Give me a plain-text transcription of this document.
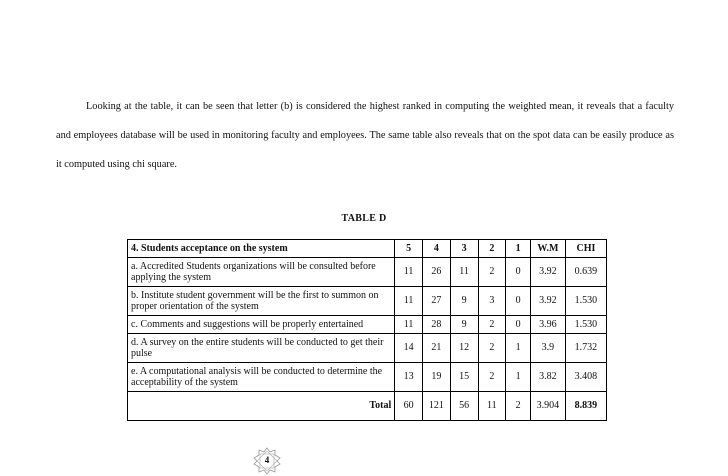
Looking at the table, it can be seen that letter (b) is considered the highest ranked in computing the weighted mean, it reveals that a faculty and employees database will be used in monitoring faculty and employees. The same table also reveals that on the spot data can be easily produce as it computed using chi square.

TABLE D
4. Students acceptance on the system	5	4	3	2	1	W.M	CHI
a. Accredited Students organizations will be consulted before applying the system	11	26	11	2	0	3.92	0.639
b. Institute student government will be the first to summon on proper orientation of the system	11	27	9	3	0	3.92	1.530
c. Comments and suggestions will be properly entertained	11	28	9	2	0	3.96	1.530
d. A survey on the entire students will be conducted to get their pulse	14	21	12	2	1	3.9	1.732
e. A computational analysis will be conducted to determine the acceptability of the system	13	19	15	2	1	3.82	3.408
Total	60	121	56	11	2	3.904	8.839
4
